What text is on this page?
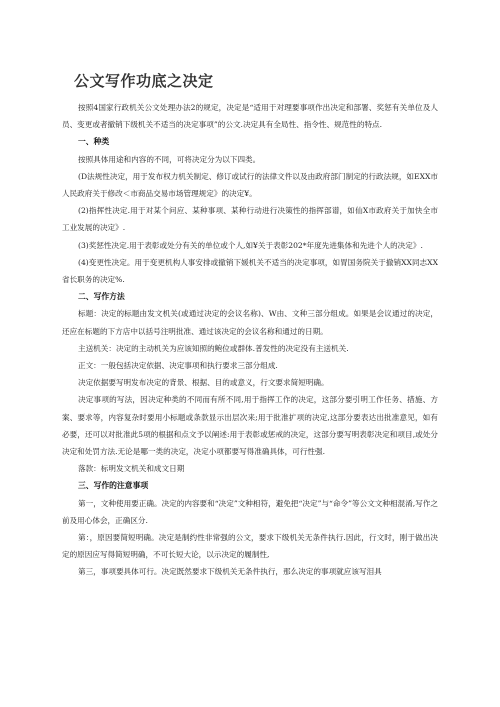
公文写作功底之决定

按照4国家行政机关公文处理办法2的规定，决定是“适用于对理要事项作出决定和部署、奖惩有关单位及人员、变更或者撤销下级机关不适当的决定事项”的公文.决定具有全局性、指令性、规范性的特点.

一、种类

按照具体用途和内容的不同，可将决定分为以下四类。

(D法规性决定，用于发布权力机关制定、修订或试行的法律文件以及由政府部门制定的行政法规，如EXX市人民政府关于修改＜市商品交易市场管理规定》的决定¥。

(2)指挥性决定.用于对某个问应、某种事项、某种行动进行决策性的指挥部谱，如仙X市政府关于加快全市工业发展的决定》.

(3)奖惩性决定.用于表彰或处分有关的单位或个人,如¥关于表彰202*年度先进集体和先进个人的决定》.

(4)变更性决定。用于变更机构人事安排或撤销下媛机关不适当的决定事项，如胃国务院关于撤销XX同志XX省长职务的决定%.

二、写作方法

标题：决定的标题由发文机关(或通过决定的会议名称)、W由、文种三部分组成。如果是会议通过的决定，还应在标题的下方店中以括号注明批准、通过该决定的会议名称和通过的日期。

主送机关：决定的主动机关为应该知照的鲍位或群体.普发性的决定没有主送机关.

正文：一般包括决定依据、决定事项和执行要求三部分组成.

决定依据要写明发布决定的背景、根据、目的或意义，行文要求简短明确。

决定事项的写法，因决定种类的不同而有所不同,用于指挥工作的决定，这部分要引明工作任务、措施、方案、要求等，内容复杂时要用小标题或条款显示出层次来;用于批准扩项的决定,这部分要表达出批准意见，如有必要，还可以对批准此5项的根据和点文予以阐述:用于表彰或惩戒的决定，这部分要写明表彰决定和项目,或处分决定和处罚方法.无论是哪一类的决定，决定小项都要写得准确具体，可行性强.

落款：标明发文机关和成文日期

三、写作的注意事项

第一，文种使用要正确。决定的内容要和“决定”文种相符，避免把“决定”与“命令”等公文文种相混淆,写作之前及用心体会，正确区分.

第：，原因要简短明确。决定是制约性非常强的公文，要求下级机关无条件执行.因此，行文时，刚于做出决定的原因应写得简短明确，不可长短大论，以示决定的履制性,

第三，事项要具体可行。决定既然要求下级机关无条件执行，那么决定的事项就应该写泪具
